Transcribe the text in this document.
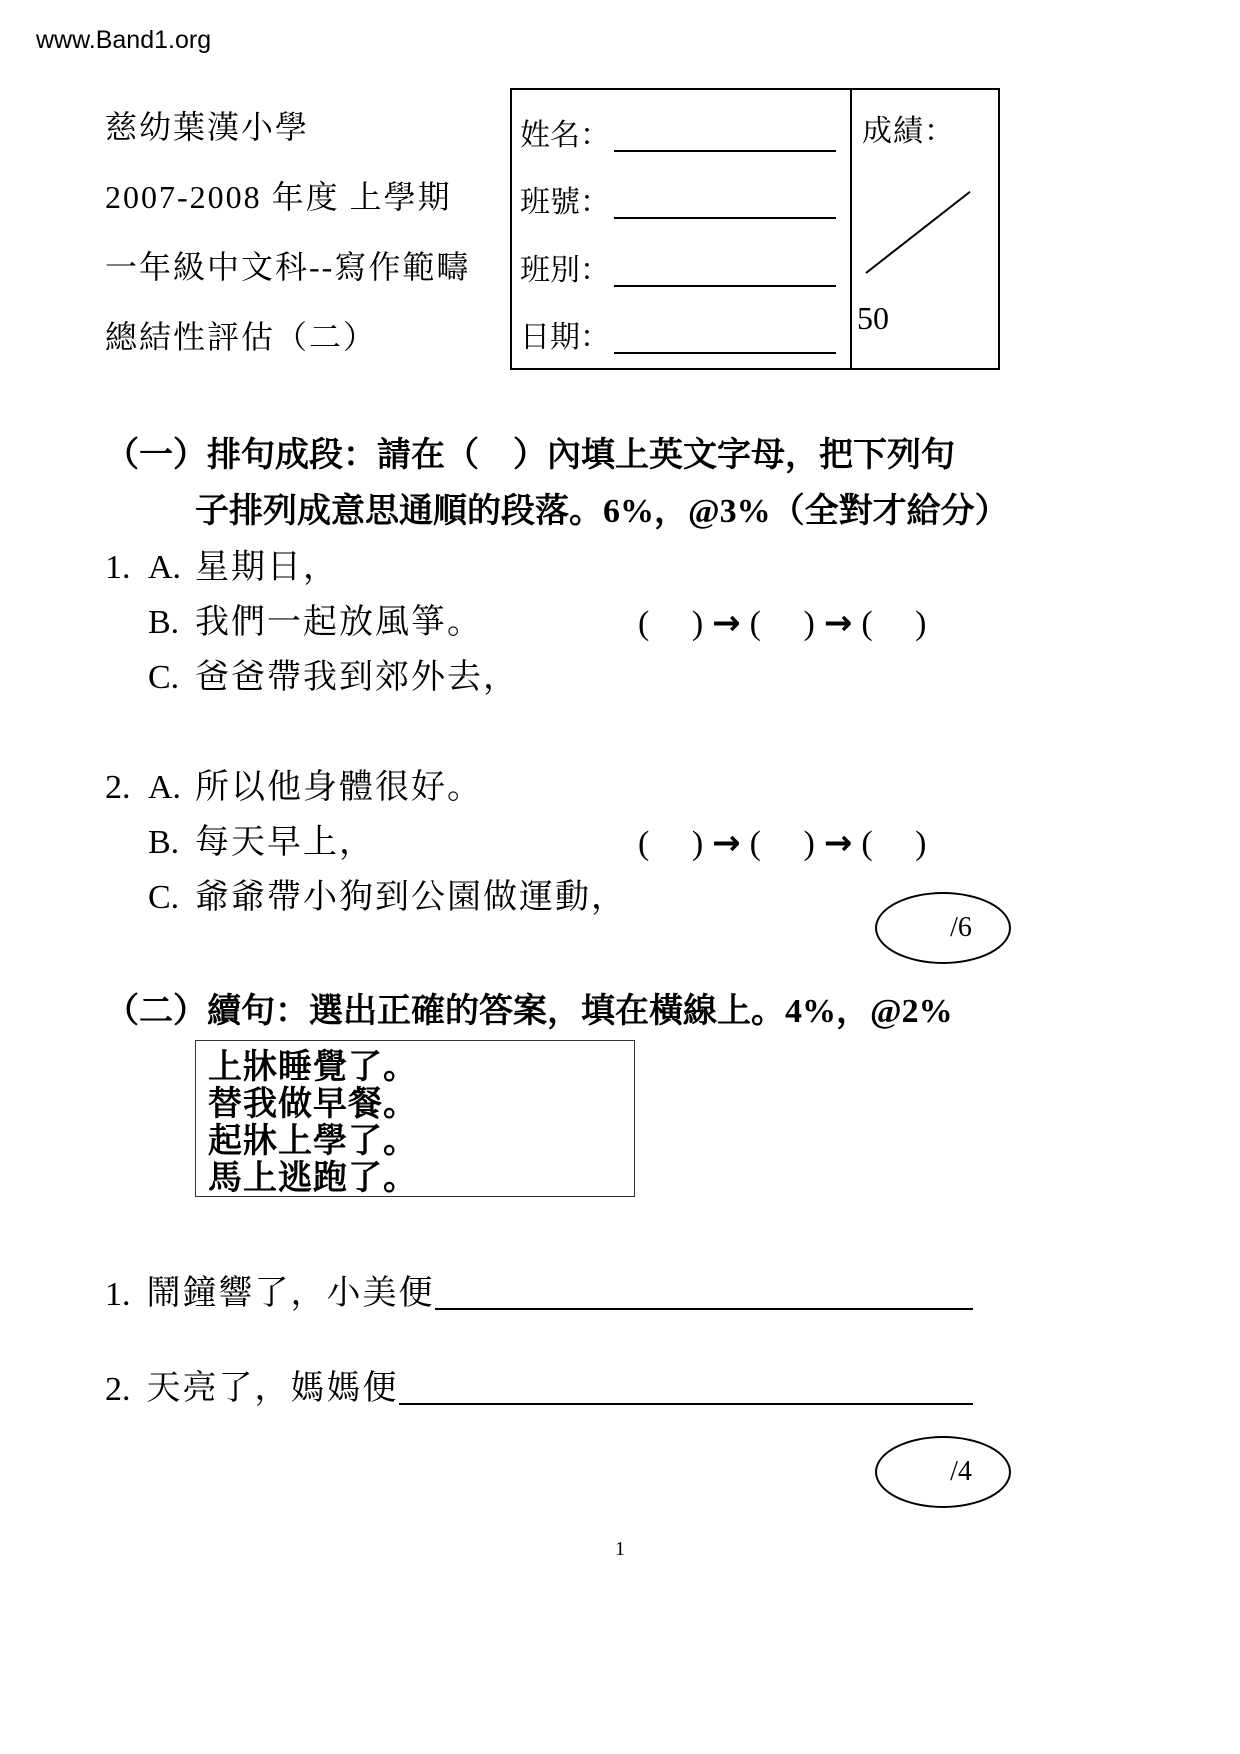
www.Band1.org
慈幼葉漢小學
2007-2008 年度 上學期
一年級中文科--寫作範疇
總結性評估（二）
姓名：
班號：
班別：
日期：
成績：
50
（一）排句成段：請在（　）內填上英文字母，把下列句
子排列成意思通順的段落。6%，@3%（全對才給分）
1. A. 星期日，
B. 我們一起放風箏。	(     ) → (     ) → (     )
C. 爸爸帶我到郊外去，
2. A. 所以他身體很好。
B. 每天早上，	(     ) → (     ) → (     )
C. 爺爺帶小狗到公園做運動，
/6
（二）續句：選出正確的答案，填在橫線上。4%，@2%
上牀睡覺了。
替我做早餐。
起牀上學了。
馬上逃跑了。
1. 鬧鐘響了，小美便
2. 天亮了，媽媽便
/4
1
